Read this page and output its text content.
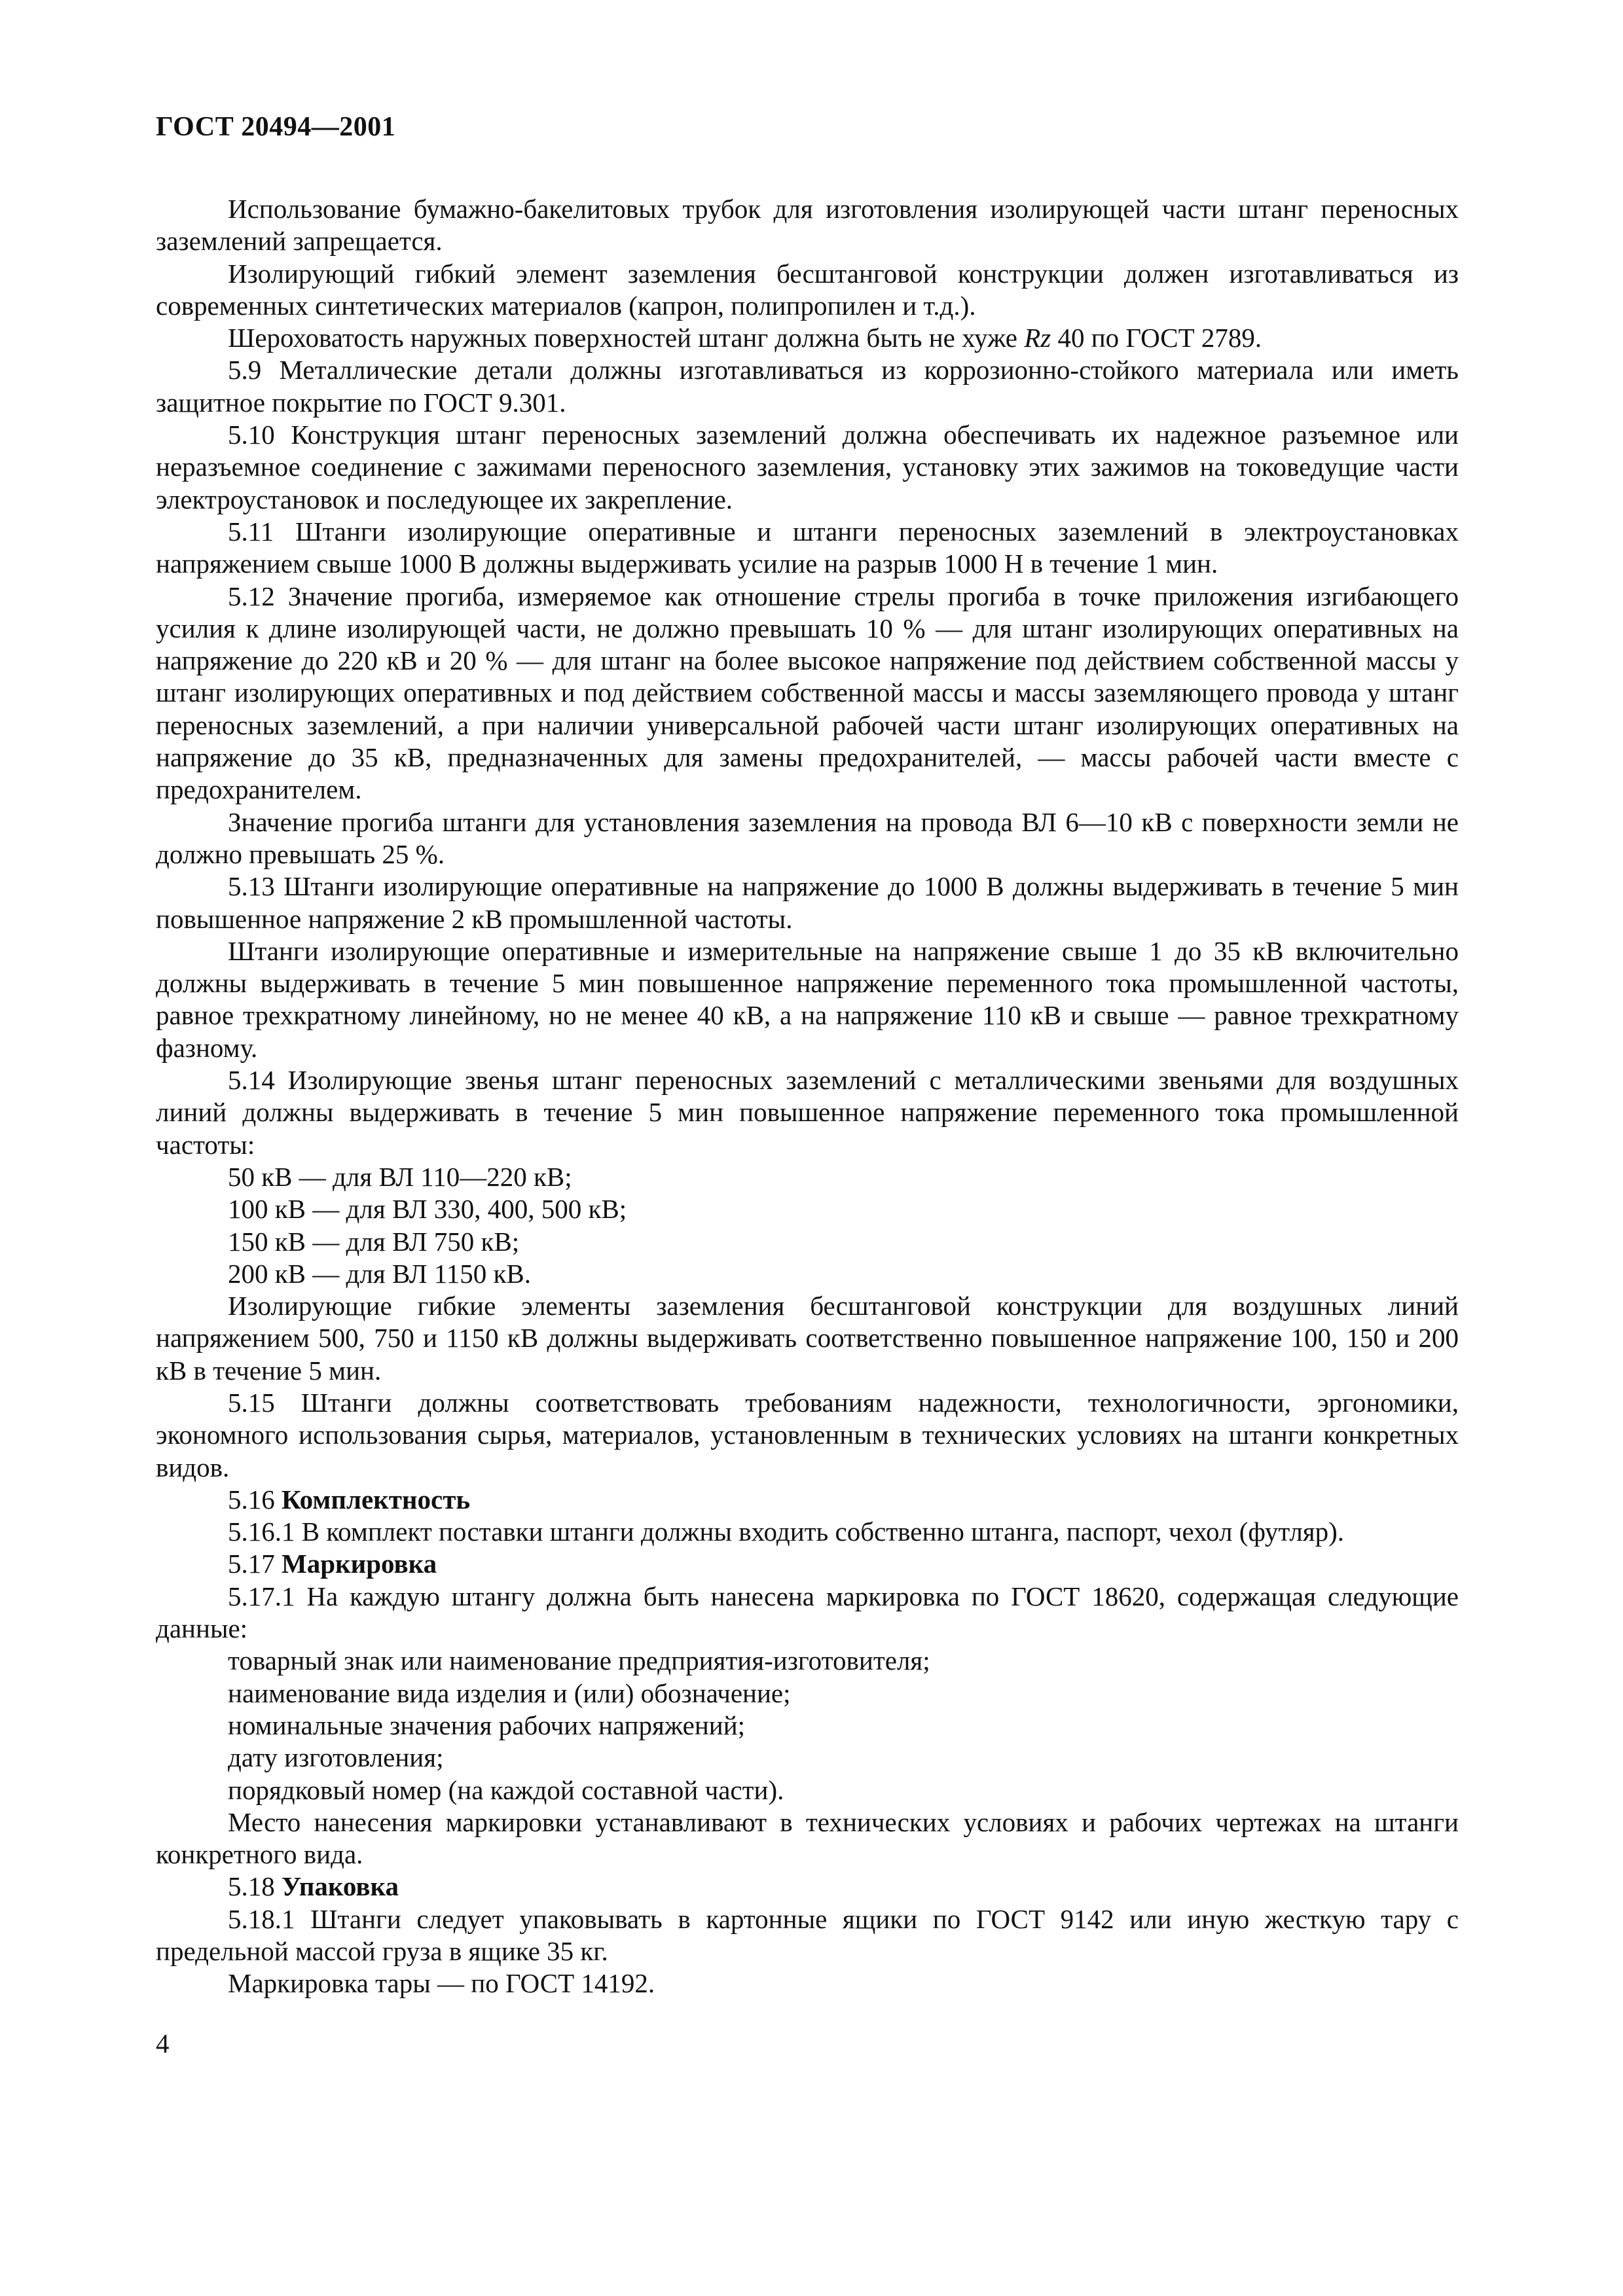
ГОСТ 20494—2001

Использование бумажно-бакелитовых трубок для изготовления изолирующей части штанг переносных заземлений запрещается.

Изолирующий гибкий элемент заземления бесштанговой конструкции должен изготавливаться из современных синтетических материалов (капрон, полипропилен и т.д.).

Шероховатость наружных поверхностей штанг должна быть не хуже Rz 40 по ГОСТ 2789.

5.9 Металлические детали должны изготавливаться из коррозионно-стойкого материала или иметь защитное покрытие по ГОСТ 9.301.

5.10 Конструкция штанг переносных заземлений должна обеспечивать их надежное разъемное или неразъемное соединение с зажимами переносного заземления, установку этих зажимов на токоведущие части электроустановок и последующее их закрепление.

5.11 Штанги изолирующие оперативные и штанги переносных заземлений в электроустановках напряжением свыше 1000 В должны выдерживать усилие на разрыв 1000 Н в течение 1 мин.

5.12 Значение прогиба, измеряемое как отношение стрелы прогиба в точке приложения изгибающего усилия к длине изолирующей части, не должно превышать 10 % — для штанг изолирующих оперативных на напряжение до 220 кВ и 20 % — для штанг на более высокое напряжение под действием собственной массы у штанг изолирующих оперативных и под действием собственной массы и массы заземляющего провода у штанг переносных заземлений, а при наличии универсальной рабочей части штанг изолирующих оперативных на напряжение до 35 кВ, предназначенных для замены предохранителей, — массы рабочей части вместе с предохранителем.

Значение прогиба штанги для установления заземления на провода ВЛ 6—10 кВ с поверхности земли не должно превышать 25 %.

5.13 Штанги изолирующие оперативные на напряжение до 1000 В должны выдерживать в течение 5 мин повышенное напряжение 2 кВ промышленной частоты.

Штанги изолирующие оперативные и измерительные на напряжение свыше 1 до 35 кВ включительно должны выдерживать в течение 5 мин повышенное напряжение переменного тока промышленной частоты, равное трехкратному линейному, но не менее 40 кВ, а на напряжение 110 кВ и свыше — равное трехкратному фазному.

5.14 Изолирующие звенья штанг переносных заземлений с металлическими звеньями для воздушных линий должны выдерживать в течение 5 мин повышенное напряжение переменного тока промышленной частоты:

50 кВ — для ВЛ 110—220 кВ;

100 кВ — для ВЛ 330, 400, 500 кВ;

150 кВ — для ВЛ 750 кВ;

200 кВ — для ВЛ 1150 кВ.

Изолирующие гибкие элементы заземления бесштанговой конструкции для воздушных линий напряжением 500, 750 и 1150 кВ должны выдерживать соответственно повышенное напряжение 100, 150 и 200 кВ в течение 5 мин.

5.15 Штанги должны соответствовать требованиям надежности, технологичности, эргономики, экономного использования сырья, материалов, установленным в технических условиях на штанги конкретных видов.

5.16 Комплектность

5.16.1 В комплект поставки штанги должны входить собственно штанга, паспорт, чехол (футляр).

5.17 Маркировка

5.17.1 На каждую штангу должна быть нанесена маркировка по ГОСТ 18620, содержащая следующие данные:

товарный знак или наименование предприятия-изготовителя;

наименование вида изделия и (или) обозначение;

номинальные значения рабочих напряжений;

дату изготовления;

порядковый номер (на каждой составной части).

Место нанесения маркировки устанавливают в технических условиях и рабочих чертежах на штанги конкретного вида.

5.18 Упаковка

5.18.1 Штанги следует упаковывать в картонные ящики по ГОСТ 9142 или иную жесткую тару с предельной массой груза в ящике 35 кг.

Маркировка тары — по ГОСТ 14192.

4
